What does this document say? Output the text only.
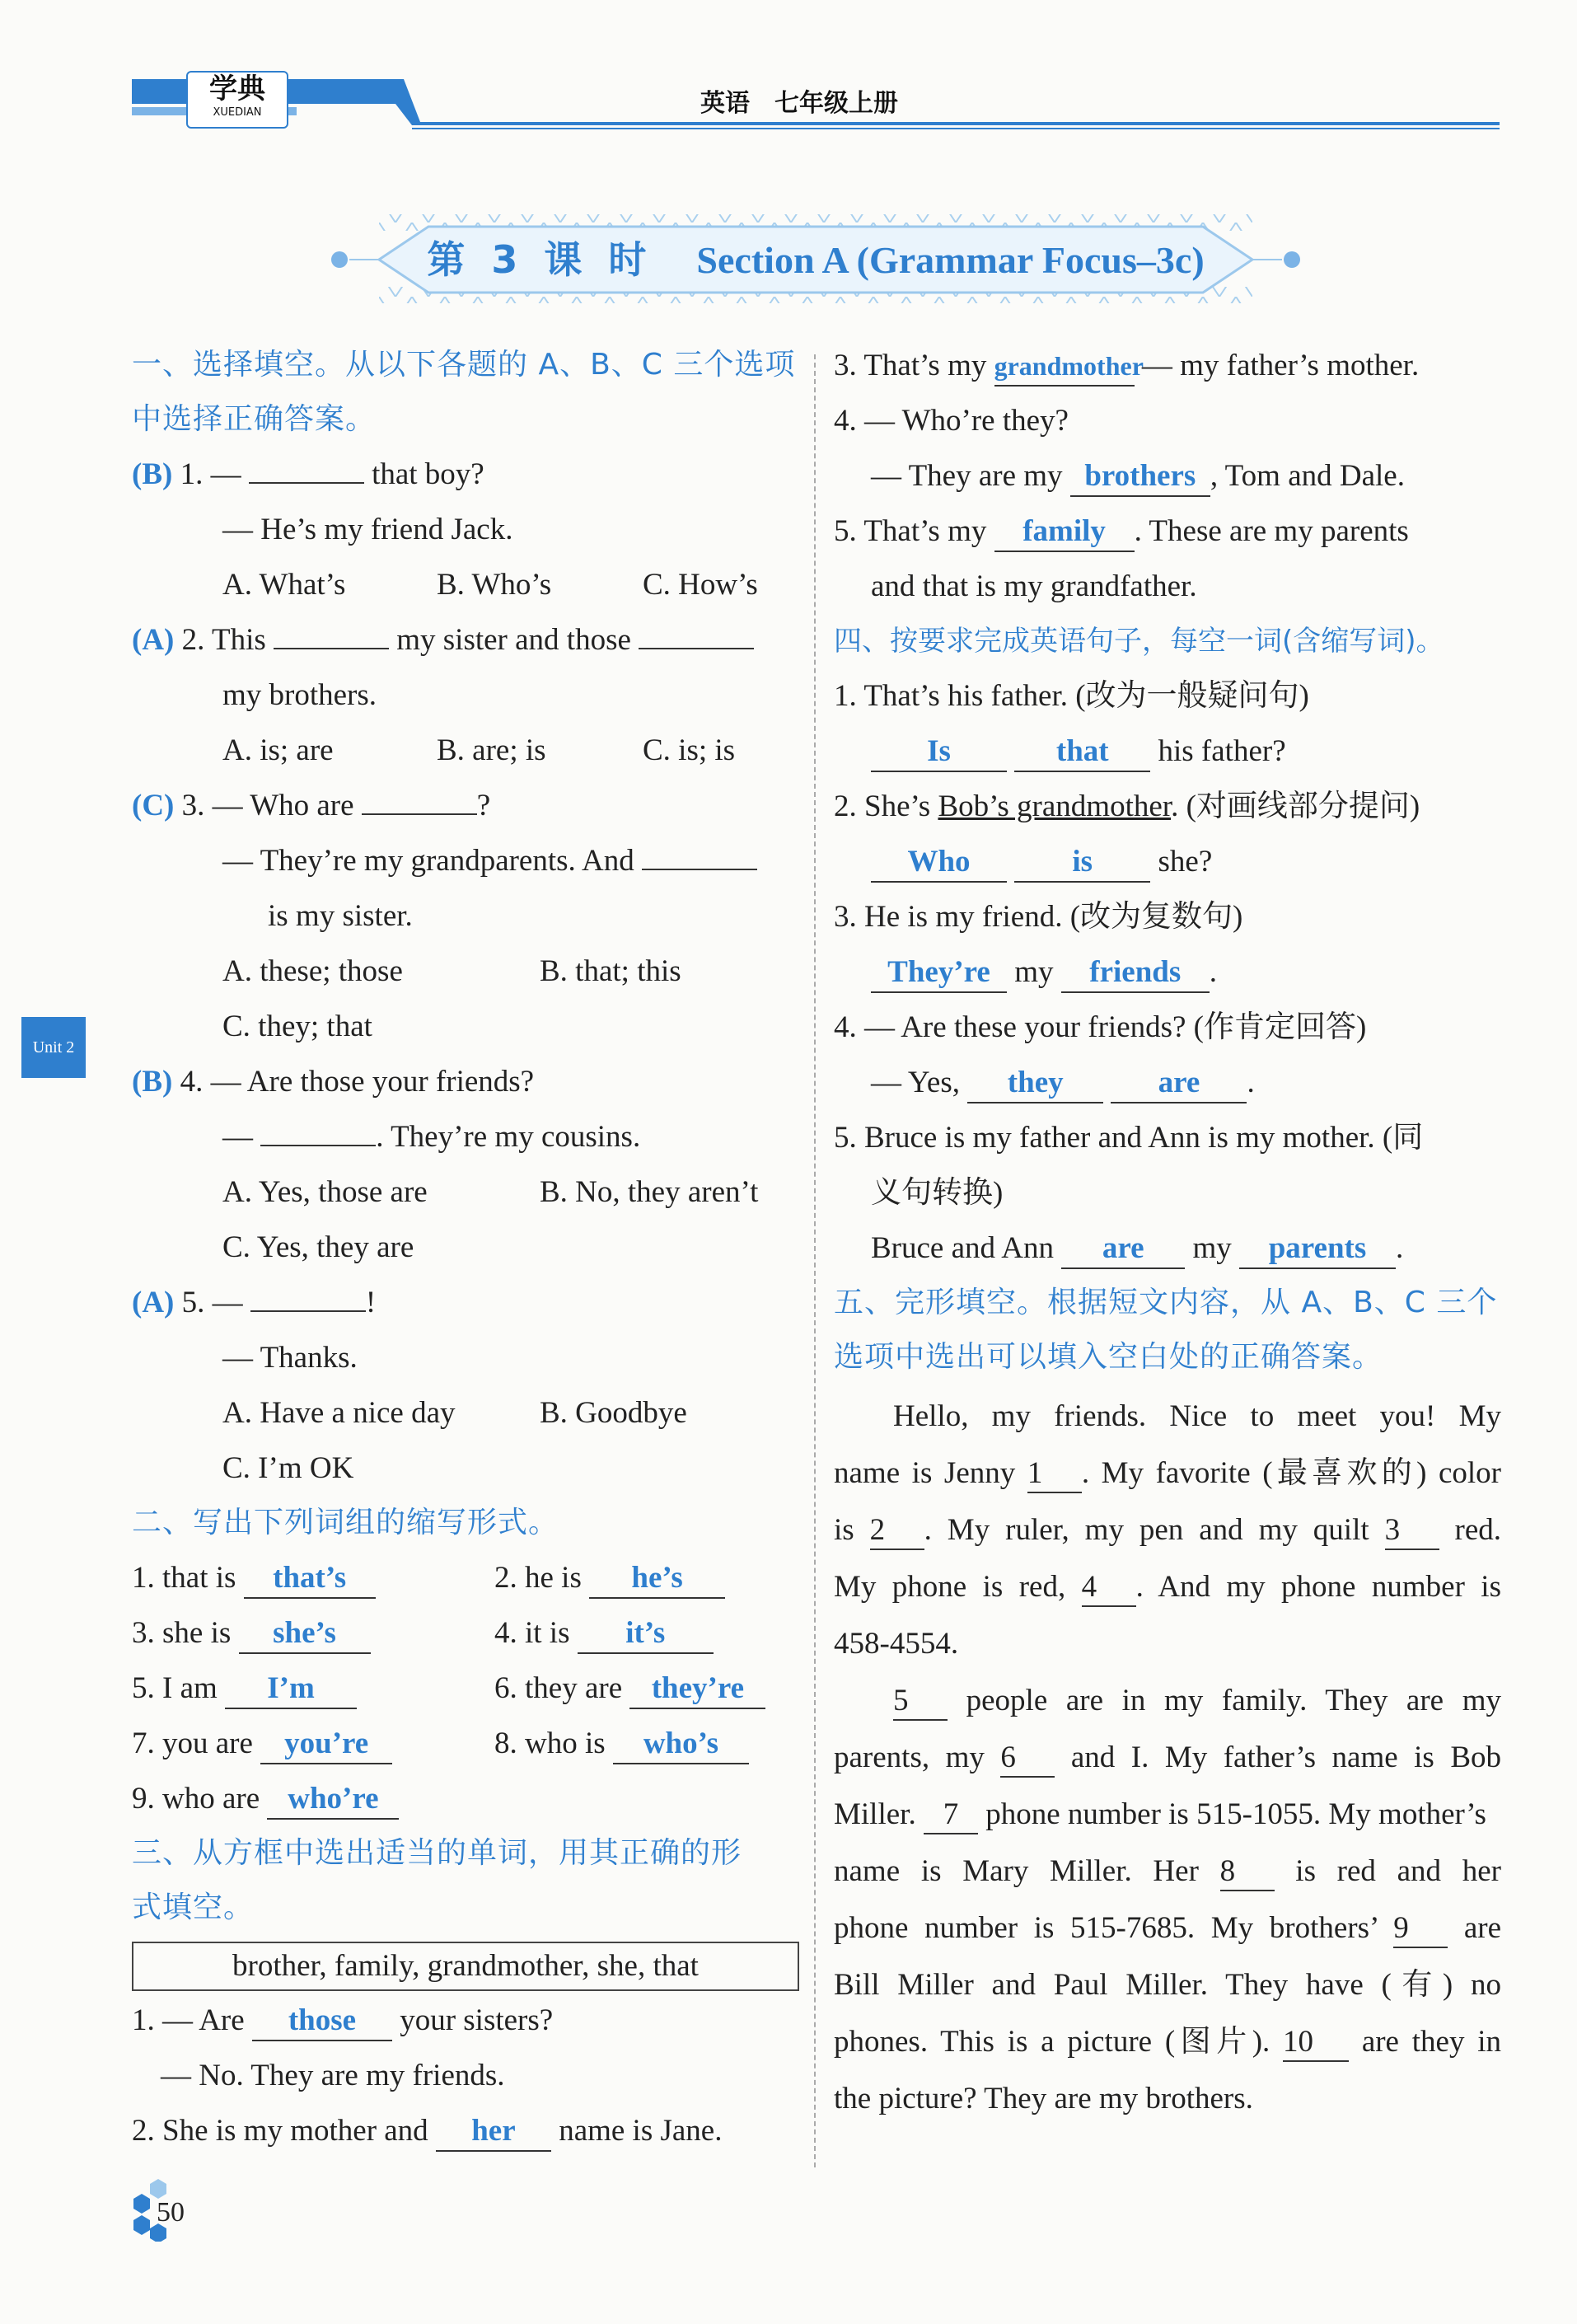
学典
XUEDIAN	英语　七年级上册
第 3 课 时 Section A (Grammar Focus–3c)
Unit 2
一、选择填空。从以下各题的 A、B、C 三个选项
中选择正确答案。
(B) 1. —	that boy?
— He’s my friend Jack.
A. What’s	B. Who’s	C. How’s
(A) 2. This	my sister and those
my brothers.
A. is; are	B. are; is	C. is; is
(C) 3. — Who are	?
— They’re my grandparents. And
is my sister.
A. these; those	B. that; this
C. they; that
(B) 4. — Are those your friends?
—	. They’re my cousins.
A. Yes, those are	B. No, they aren’t
C. Yes, they are
(A) 5. —	!
— Thanks.
A. Have a nice day	B. Goodbye
C. I’m OK
二、写出下列词组的缩写形式。
1. that is that’s	2. he is he’s
3. she is she’s	4. it is it’s
5. I am I’m	6. they are they’re
7. you are you’re	8. who is who’s
9. who are who’re
三、从方框中选出适当的单词，用其正确的形
式填空。
brother, family, grandmother, she, that
1. — Are those your sisters?
— No. They are my friends.
2. She is my mother and her name is Jane.
3. That’s my grandmother — my father’s mother.
4. — Who’re they?
— They are my brothers , Tom and Dale.
5. That’s my family . These are my parents
and that is my grandfather.
四、按要求完成英语句子，每空一词(含缩写词)。
1. That’s his father. (改为一般疑问句)
Is	that his father?
2. She’s Bob’s grandmother. (对画线部分提问)
Who	is she?
3. He is my friend. (改为复数句)
They’re my friends .
4. — Are these your friends? (作肯定回答)
— Yes, they	are .
5. Bruce is my father and Ann is my mother. (同
义句转换)
Bruce and Ann are my parents .
五、完形填空。根据短文内容，从 A、B、C 三个
选项中选出可以填入空白处的正确答案。
Hello, my friends. Nice to meet you! My
name is Jenny 1 . My favorite (最喜欢的) color
is 2 . My ruler, my pen and my quilt 3 red.
My phone is red, 4 . And my phone number is
458-4554.
5 people are in my family. They are my
parents, my 6 and I. My father’s name is Bob
Miller. 7 phone number is 515-1055. My mother’s
name is Mary Miller. Her 8 is red and her
phone number is 515-7685. My brothers’ 9 are
Bill Miller and Paul Miller. They have (有) no
phones. This is a picture (图片). 10 are they in
the picture? They are my brothers.
50
